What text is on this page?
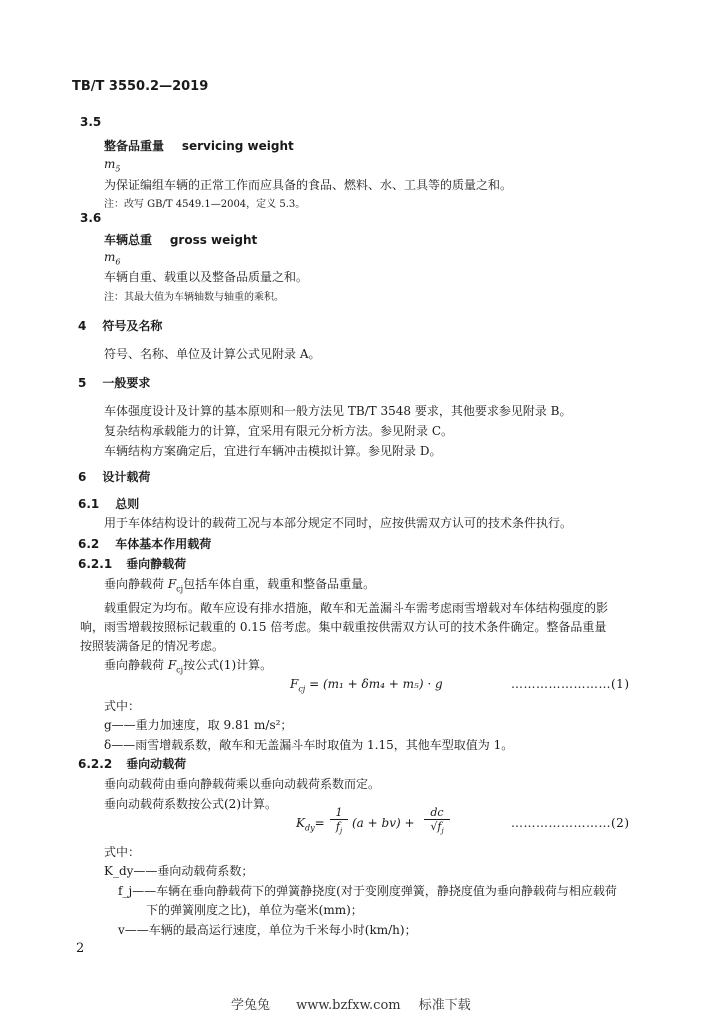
TB/T 3550.2—2019
3.5
整备品重量 servicing weight
$m_5$
为保证编组车辆的正常工作而应具备的食品、燃料、水、工具等的质量之和。
注：改写 GB/T 4549.1—2004，定义 5.3。
3.6
车辆总重 gross weight
$m_6$
车辆自重、载重以及整备品质量之和。
注：其最大值为车辆轴数与轴重的乘积。
4 符号及名称
符号、名称、单位及计算公式见附录 A。
5 一般要求
车体强度设计及计算的基本原则和一般方法见 TB/T 3548 要求，其他要求参见附录 B。
复杂结构承载能力的计算，宜采用有限元分析方法。参见附录 C。
车辆结构方案确定后，宜进行车辆冲击模拟计算。参见附录 D。
6 设计载荷
6.1 总则
用于车体结构设计的载荷工况与本部分规定不同时，应按供需双方认可的技术条件执行。
6.2 车体基本作用载荷
6.2.1 垂向静载荷
垂向静载荷 $F_{cj}$包括车体自重，载重和整备品重量。
载重假定为均布。敞车应设有排水措施，敞车和无盖漏斗车需考虑雨雪增载对车体结构强度的影
响，雨雪增载按照标记载重的 0.15 倍考虑。集中载重按供需双方认可的技术条件确定。整备品重量
按照装满备足的情况考虑。
垂向静载荷 $F_{cj}$按公式(1)计算。
$F_{cj} = (m_1 + \delta m_4 + m_5) \cdot g$	……………………(1)
式中：
g——重力加速度，取 9.81 m/s²；
δ——雨雪增载系数，敞车和无盖漏斗车时取值为 1.15，其他车型取值为 1。
6.2.2 垂向动载荷
垂向动载荷由垂向静载荷乘以垂向动载荷系数而定。
垂向动载荷系数按公式(2)计算。
$K_{dy}= \frac{1}{f_j} (a + bv) + \frac{dc}{√f_j}$	……………………(2)
式中：
K_dy——垂向动载荷系数；
f_j——车辆在垂向静载荷下的弹簧静挠度(对于变刚度弹簧，静挠度值为垂向静载荷与相应载荷
下的弹簧刚度之比)，单位为毫米(mm)；
v——车辆的最高运行速度，单位为千米每小时(km/h)；
2
学兔兔 www.bzfxw.com 标准下载
